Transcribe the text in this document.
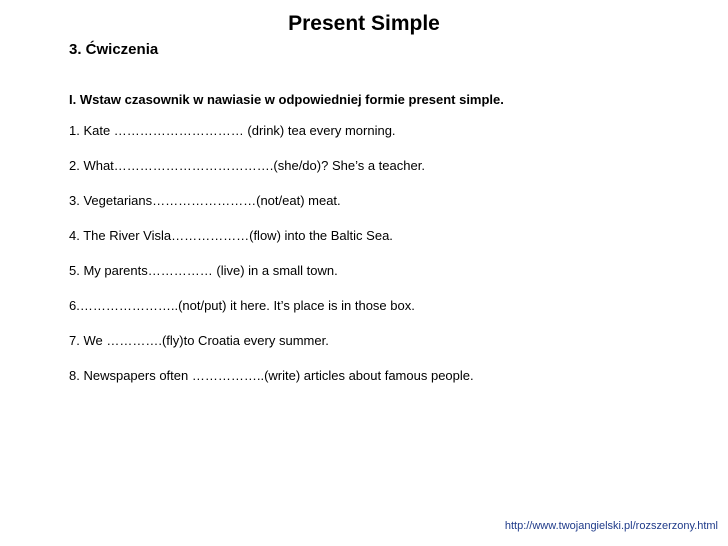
Present Simple
3. Ćwiczenia
I. Wstaw czasownik w nawiasie w odpowiedniej formie present simple.
1. Kate ………………………… (drink) tea every morning.
2. What……………………………….(she/do)? She’s a teacher.
3. Vegetarians……………………(not/eat) meat.
4. The River Visla………………(flow) into the Baltic Sea.
5. My parents…………… (live) in a small town.
6.…………………..(not/put) it here. It’s place is in those box.
7. We ………….(fly)to Croatia every summer.
8. Newspapers often ……………..(write) articles about famous people.
http://www.twojangielski.pl/rozszerzony.html
